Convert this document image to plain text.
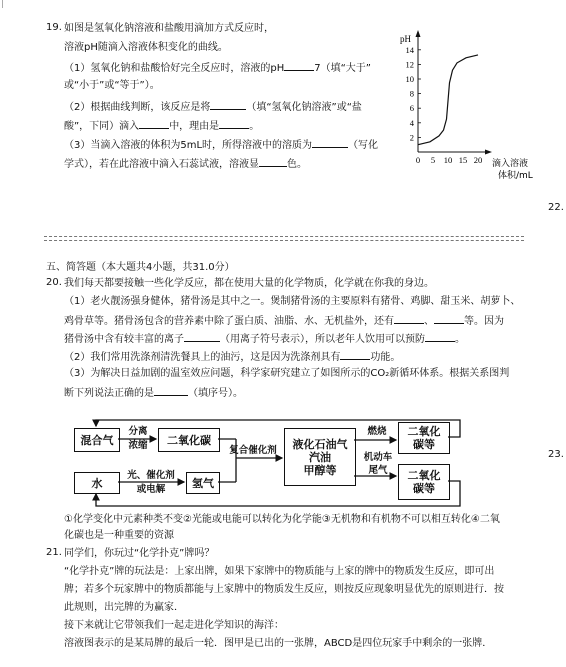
19. 如图是氢氧化钠溶液和盐酸用滴加方式反应时，
溶液pH随滴入溶液体积变化的曲线。
（1）氢氧化钠和盐酸恰好完全反应时，溶液的pH	7（填“大于”
或“小于”或“等于”）。
（2）根据曲线判断，该反应是将	（填“氢氧化钠溶液”或“盐
酸”，下同）滴入	中，理由是	。
（3）当滴入溶液的体积为5mL时，所得溶液中的溶质为	（写化
学式），若在此溶液中滴入石蕊试液，溶液显	色。
pH
滴入溶液
体积/mL
2
4
6
8
10
12
14
0 5 10 15 20
22.
五、简答题（本大题共4小题，共31.0分）
20. 我们每天都要接触一些化学反应，都在使用大量的化学物质，化学就在你我的身边。
（1）老火靓汤强身健体，猪骨汤是其中之一。煲制猪骨汤的主要原料有猪骨、鸡脚、甜玉米、胡萝卜、
鸡骨草等。猪骨汤包含的营养素中除了蛋白质、油脂、水、无机盐外，还有	、	等。因为
猪骨汤中含有较丰富的离子	（用离子符号表示），所以老年人饮用可以预防	。
（2）我们常用洗涤剂清洗餐具上的油污，这是因为洗涤剂具有	功能。
（3）为解决日益加剧的温室效应问题，科学家研究建立了如图所示的CO₂新循环体系。根据关系图判
断下列说法正确的是	（填序号）。
混合气
分离
浓缩	二氧化碳
复合催化剂	液化石油气
汽油
甲醇等
燃烧	二氧化
碳等
机动车
尾气	二氧化
碳等
水
光、催化剂
或电解	氢气
23.
①化学变化中元素种类不变②光能或电能可以转化为化学能③无机物和有机物不可以相互转化④二氧
化碳也是一种重要的资源
21. 同学们，你玩过“化学扑克”牌吗？
“化学扑克”牌的玩法是：上家出牌，如果下家牌中的物质能与上家的牌中的物质发生反应，即可出
牌；若多个玩家牌中的物质都能与上家牌中的物质发生反应，则按反应现象明显优先的原则进行．按
此规则，出完牌的为赢家．
接下来就让它带领我们一起走进化学知识的海洋：
溶液图表示的是某局牌的最后一轮．图甲是已出的一张牌，ABCD是四位玩家手中剩余的一张牌．
